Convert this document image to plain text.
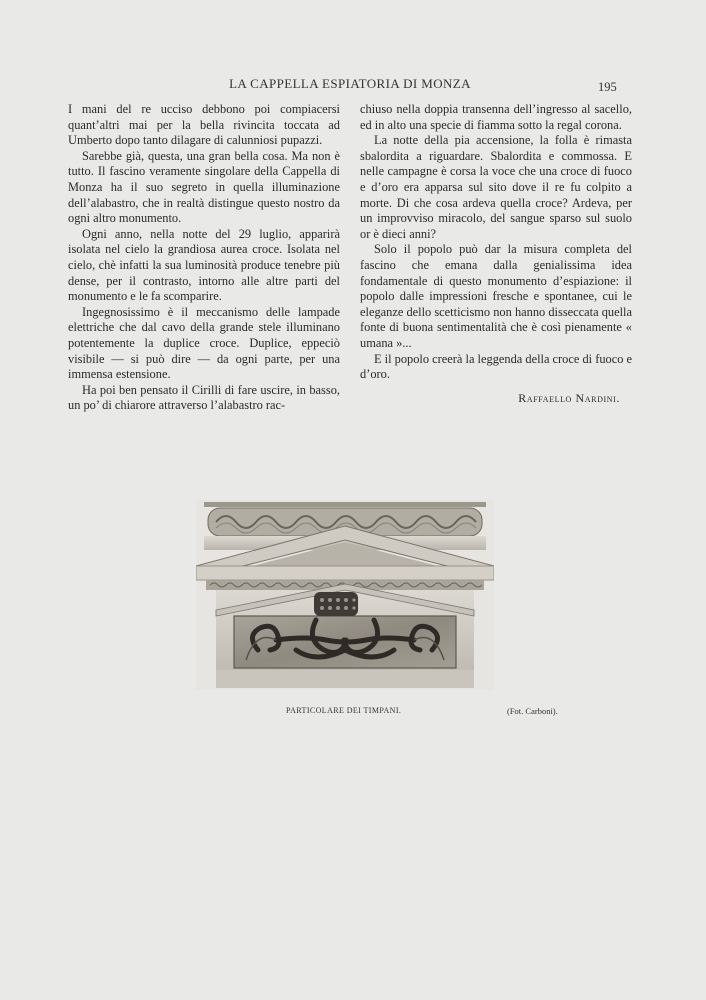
LA CAPPELLA ESPIATORIA DI MONZA	195

I mani del re ucciso debbono poi compiacersi quant’altri mai per la bella rivincita toccata ad Umberto dopo tanto dilagare di calunniosi pupazzi.

Sarebbe già, questa, una gran bella cosa. Ma non è tutto. Il fascino veramente singolare della Cappella di Monza ha il suo segreto in quella illuminazione dell’alabastro, che in realtà distingue questo nostro da ogni altro monumento.

Ogni anno, nella notte del 29 luglio, apparirà isolata nel cielo la grandiosa aurea croce. Isolata nel cielo, chè infatti la sua luminosità produce tenebre più dense, per il contrasto, intorno alle altre parti del monumento e le fa scomparire.

Ingegnosissimo è il meccanismo delle lampade elettriche che dal cavo della grande stele illuminano potentemente la duplice croce. Duplice, eppeciò visibile — si può dire — da ogni parte, per una immensa estensione.

Ha poi ben pensato il Cirilli di fare uscire, in basso, un po’ di chiarore attraverso l’alabastro rac-

chiuso nella doppia transenna dell’ingresso al sacello, ed in alto una specie di fiamma sotto la regal corona.

La notte della pia accensione, la folla è rimasta sbalordita a riguardare. Sbalordita e commossa. E nelle campagne è corsa la voce che una croce di fuoco e d’oro era apparsa sul sito dove il re fu colpito a morte. Di che cosa ardeva quella croce? Ardeva, per un improvviso miracolo, del sangue sparso sul suolo or è dieci anni?

Solo il popolo può dar la misura completa del fascino che emana dalla genialissima idea fondamentale di questo monumento d’espiazione: il popolo dalle impressioni fresche e spontanee, cui le eleganze dello scetticismo non hanno disseccata quella fonte di buona sentimentalità che è così pienamente « umana »...

E il popolo creerà la leggenda della croce di fuoco e d’oro.

Raffaello Nardini.
PARTICOLARE DEI TIMPANI.	(Fot. Carboni).
